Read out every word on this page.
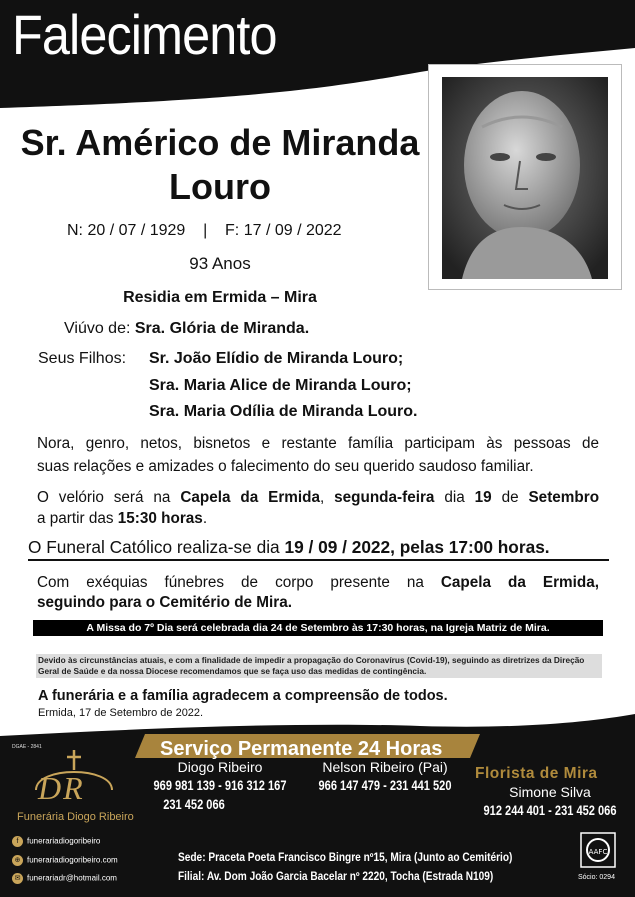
Falecimento
Sr. Américo de Miranda
Louro
N: 20 / 07 / 1929 | F: 17 / 09 / 2022
93 Anos
Residia em Ermida – Mira
Viúvo de: Sra. Glória de Miranda.
Seus Filhos: Sr. João Elídio de Miranda Louro;
Sra. Maria Alice de Miranda Louro;
Sra. Maria Odília de Miranda Louro.
Nora, genro, netos, bisnetos e restante família participam às pessoas de
suas relações e amizades o falecimento do seu querido saudoso familiar.
O velório será na Capela da Ermida, segunda-feira dia 19 de Setembro
a partir das 15:30 horas.
O Funeral Católico realiza-se dia 19 / 09 / 2022, pelas 17:00 horas.
Com exéquias fúnebres de corpo presente na Capela da Ermida,
seguindo para o Cemitério de Mira.
A Missa do 7º Dia será celebrada dia 24 de Setembro às 17:30 horas, na Igreja Matriz de Mira.
Devido às circunstâncias atuais, e com a finalidade de impedir a propagação do Coronavírus (Covid-19), seguindo as diretrizes da Direção Geral de Saúde e da nossa Diocese recomendamos que se faça uso das medidas de contingência.
A funerária e a família agradecem a compreensão de todos.
Ermida, 17 de Setembro de 2022.
DGAE - 2841	Serviço Permanente 24 Horas
DR
Funerária Diogo Ribeiro
f funerariadiogoribeiro
⊕ funerariadiogoribeiro.com
✉ funerariadr@hotmail.com
Diogo Ribeiro
969 981 139 - 916 312 167
231 452 066
Nelson Ribeiro (Pai)
966 147 479 - 231 441 520
Florista de Mira
Simone Silva
912 244 401 - 231 452 066
Sede: Praceta Poeta Francisco Bingre nº15, Mira (Junto ao Cemitério)
Filial: Av. Dom João Garcia Bacelar nº 2220, Tocha (Estrada N109)
AAFC
Sócio: 0294
